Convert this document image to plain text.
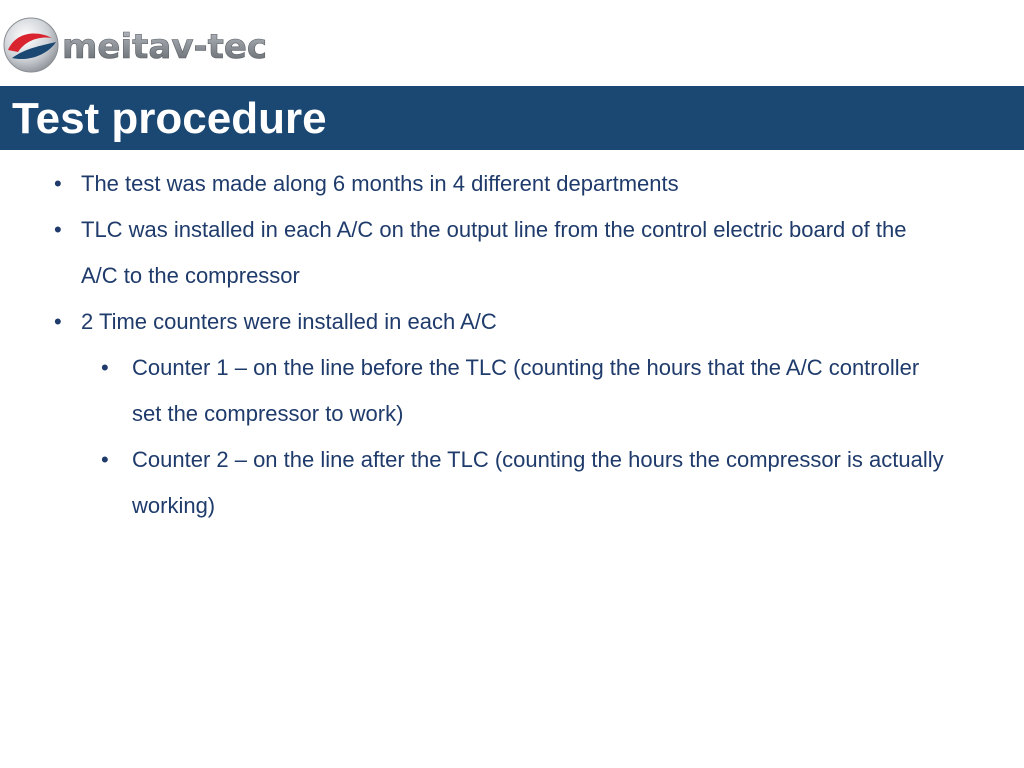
meitav-tec
Test procedure
• The test was made along 6 months in 4 different departments
• TLC was installed in each A/C on the output line from the control electric board of the A/C to the compressor
• 2 Time counters were installed in each A/C
• Counter 1 – on the line before the TLC (counting the hours that the A/C controller set the compressor to work)
• Counter 2 – on the line after the TLC (counting the hours the compressor is actually working)
